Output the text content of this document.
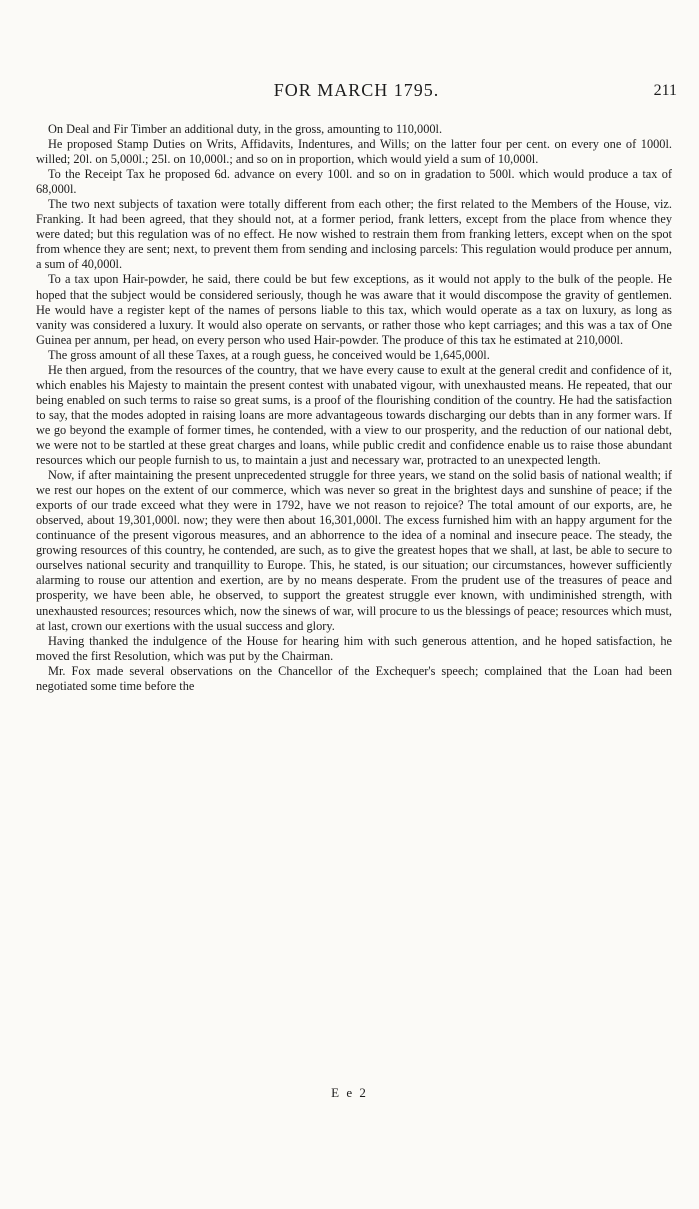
FOR MARCH 1795.	211

On Deal and Fir Timber an additional duty, in the gross, amounting to 110,000l.

He proposed Stamp Duties on Writs, Affidavits, Indentures, and Wills; on the latter four per cent. on every one of 1000l. willed; 20l. on 5,000l.; 25l. on 10,000l.; and so on in proportion, which would yield a sum of 10,000l.

To the Receipt Tax he proposed 6d. advance on every 100l. and so on in gradation to 500l. which would produce a tax of 68,000l.

The two next subjects of taxation were totally different from each other; the first related to the Members of the House, viz. Franking. It had been agreed, that they should not, at a former period, frank letters, except from the place from whence they were dated; but this regulation was of no effect. He now wished to restrain them from franking letters, except when on the spot from whence they are sent; next, to prevent them from sending and inclosing parcels: This regulation would produce per annum, a sum of 40,000l.

To a tax upon Hair-powder, he said, there could be but few exceptions, as it would not apply to the bulk of the people. He hoped that the subject would be considered seriously, though he was aware that it would discompose the gravity of gentlemen. He would have a register kept of the names of persons liable to this tax, which would operate as a tax on luxury, as long as vanity was considered a luxury. It would also operate on servants, or rather those who kept carriages; and this was a tax of One Guinea per annum, per head, on every person who used Hair-powder. The produce of this tax he estimated at 210,000l.

The gross amount of all these Taxes, at a rough guess, he conceived would be 1,645,000l.

He then argued, from the resources of the country, that we have every cause to exult at the general credit and confidence of it, which enables his Majesty to maintain the present contest with unabated vigour, with unexhausted means. He repeated, that our being enabled on such terms to raise so great sums, is a proof of the flourishing condition of the country. He had the satisfaction to say, that the modes adopted in raising loans are more advantageous towards discharging our debts than in any former wars. If we go beyond the example of former times, he contended, with a view to our prosperity, and the reduction of our national debt, we were not to be startled at these great charges and loans, while public credit and confidence enable us to raise those abundant resources which our people furnish to us, to maintain a just and necessary war, protracted to an unexpected length.

Now, if after maintaining the present unprecedented struggle for three years, we stand on the solid basis of national wealth; if we rest our hopes on the extent of our commerce, which was never so great in the brightest days and sunshine of peace; if the exports of our trade exceed what they were in 1792, have we not reason to rejoice? The total amount of our exports, are, he observed, about 19,301,000l. now; they were then about 16,301,000l. The excess furnished him with an happy argument for the continuance of the present vigorous measures, and an abhorrence to the idea of a nominal and insecure peace. The steady, the growing resources of this country, he contended, are such, as to give the greatest hopes that we shall, at last, be able to secure to ourselves national security and tranquillity to Europe. This, he stated, is our situation; our circumstances, however sufficiently alarming to rouse our attention and exertion, are by no means desperate. From the prudent use of the treasures of peace and prosperity, we have been able, he observed, to support the greatest struggle ever known, with undiminished strength, with unexhausted resources; resources which, now the sinews of war, will procure to us the blessings of peace; resources which must, at last, crown our exertions with the usual success and glory.

Having thanked the indulgence of the House for hearing him with such generous attention, and he hoped satisfaction, he moved the first Resolution, which was put by the Chairman.

Mr. Fox made several observations on the Chancellor of the Exchequer's speech; complained that the Loan had been negotiated some time before the

E e 2
